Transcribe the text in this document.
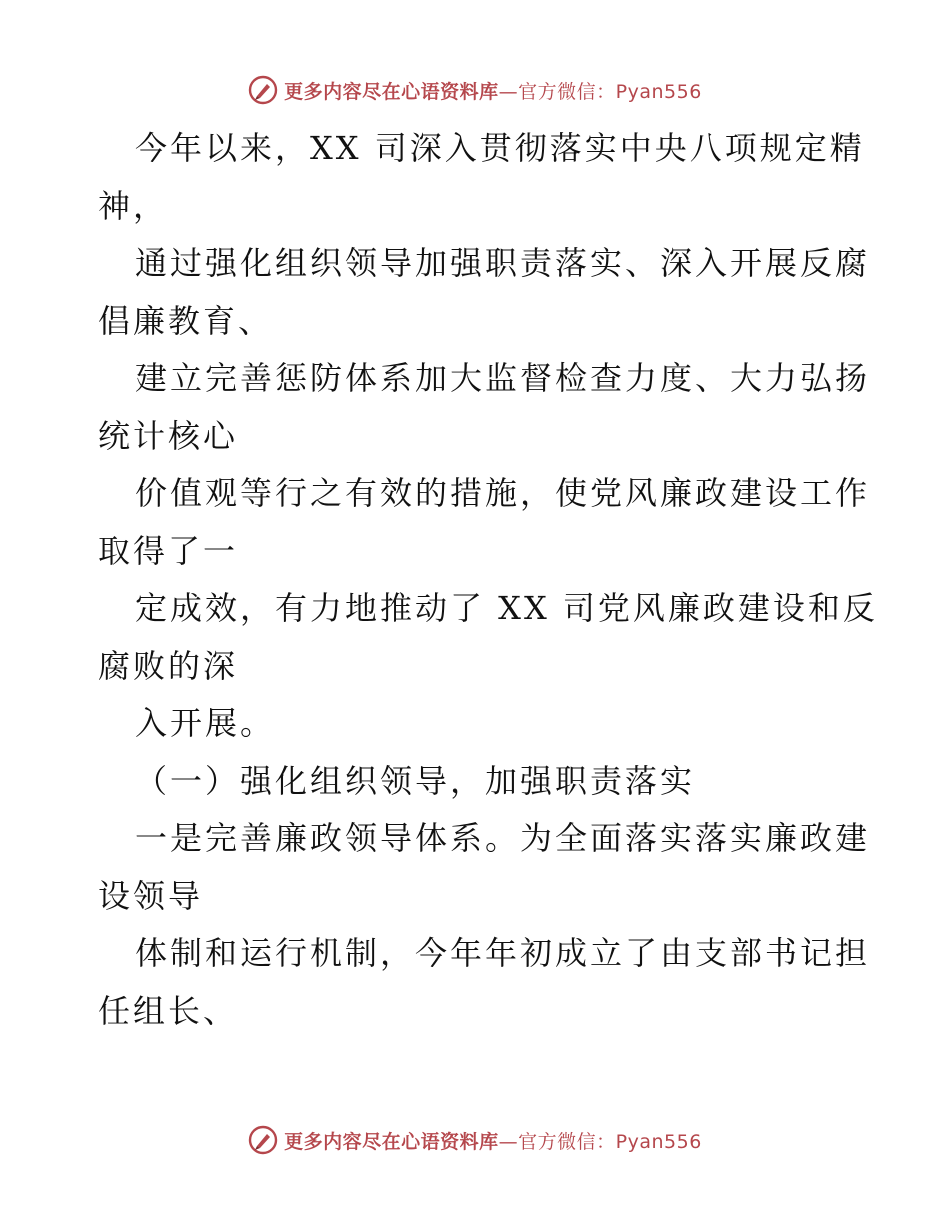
更多内容尽在心语资料库—官方微信：Pyan556
今年以来，XX 司深入贯彻落实中央八项规定精
神，
通过强化组织领导加强职责落实、深入开展反腐
倡廉教育、
建立完善惩防体系加大监督检查力度、大力弘扬
统计核心
价值观等行之有效的措施，使党风廉政建设工作
取得了一
定成效，有力地推动了 XX 司党风廉政建设和反
腐败的深
入开展。
（一）强化组织领导，加强职责落实
一是完善廉政领导体系。为全面落实落实廉政建
设领导
体制和运行机制，今年年初成立了由支部书记担
任组长、
更多内容尽在心语资料库—官方微信：Pyan556
